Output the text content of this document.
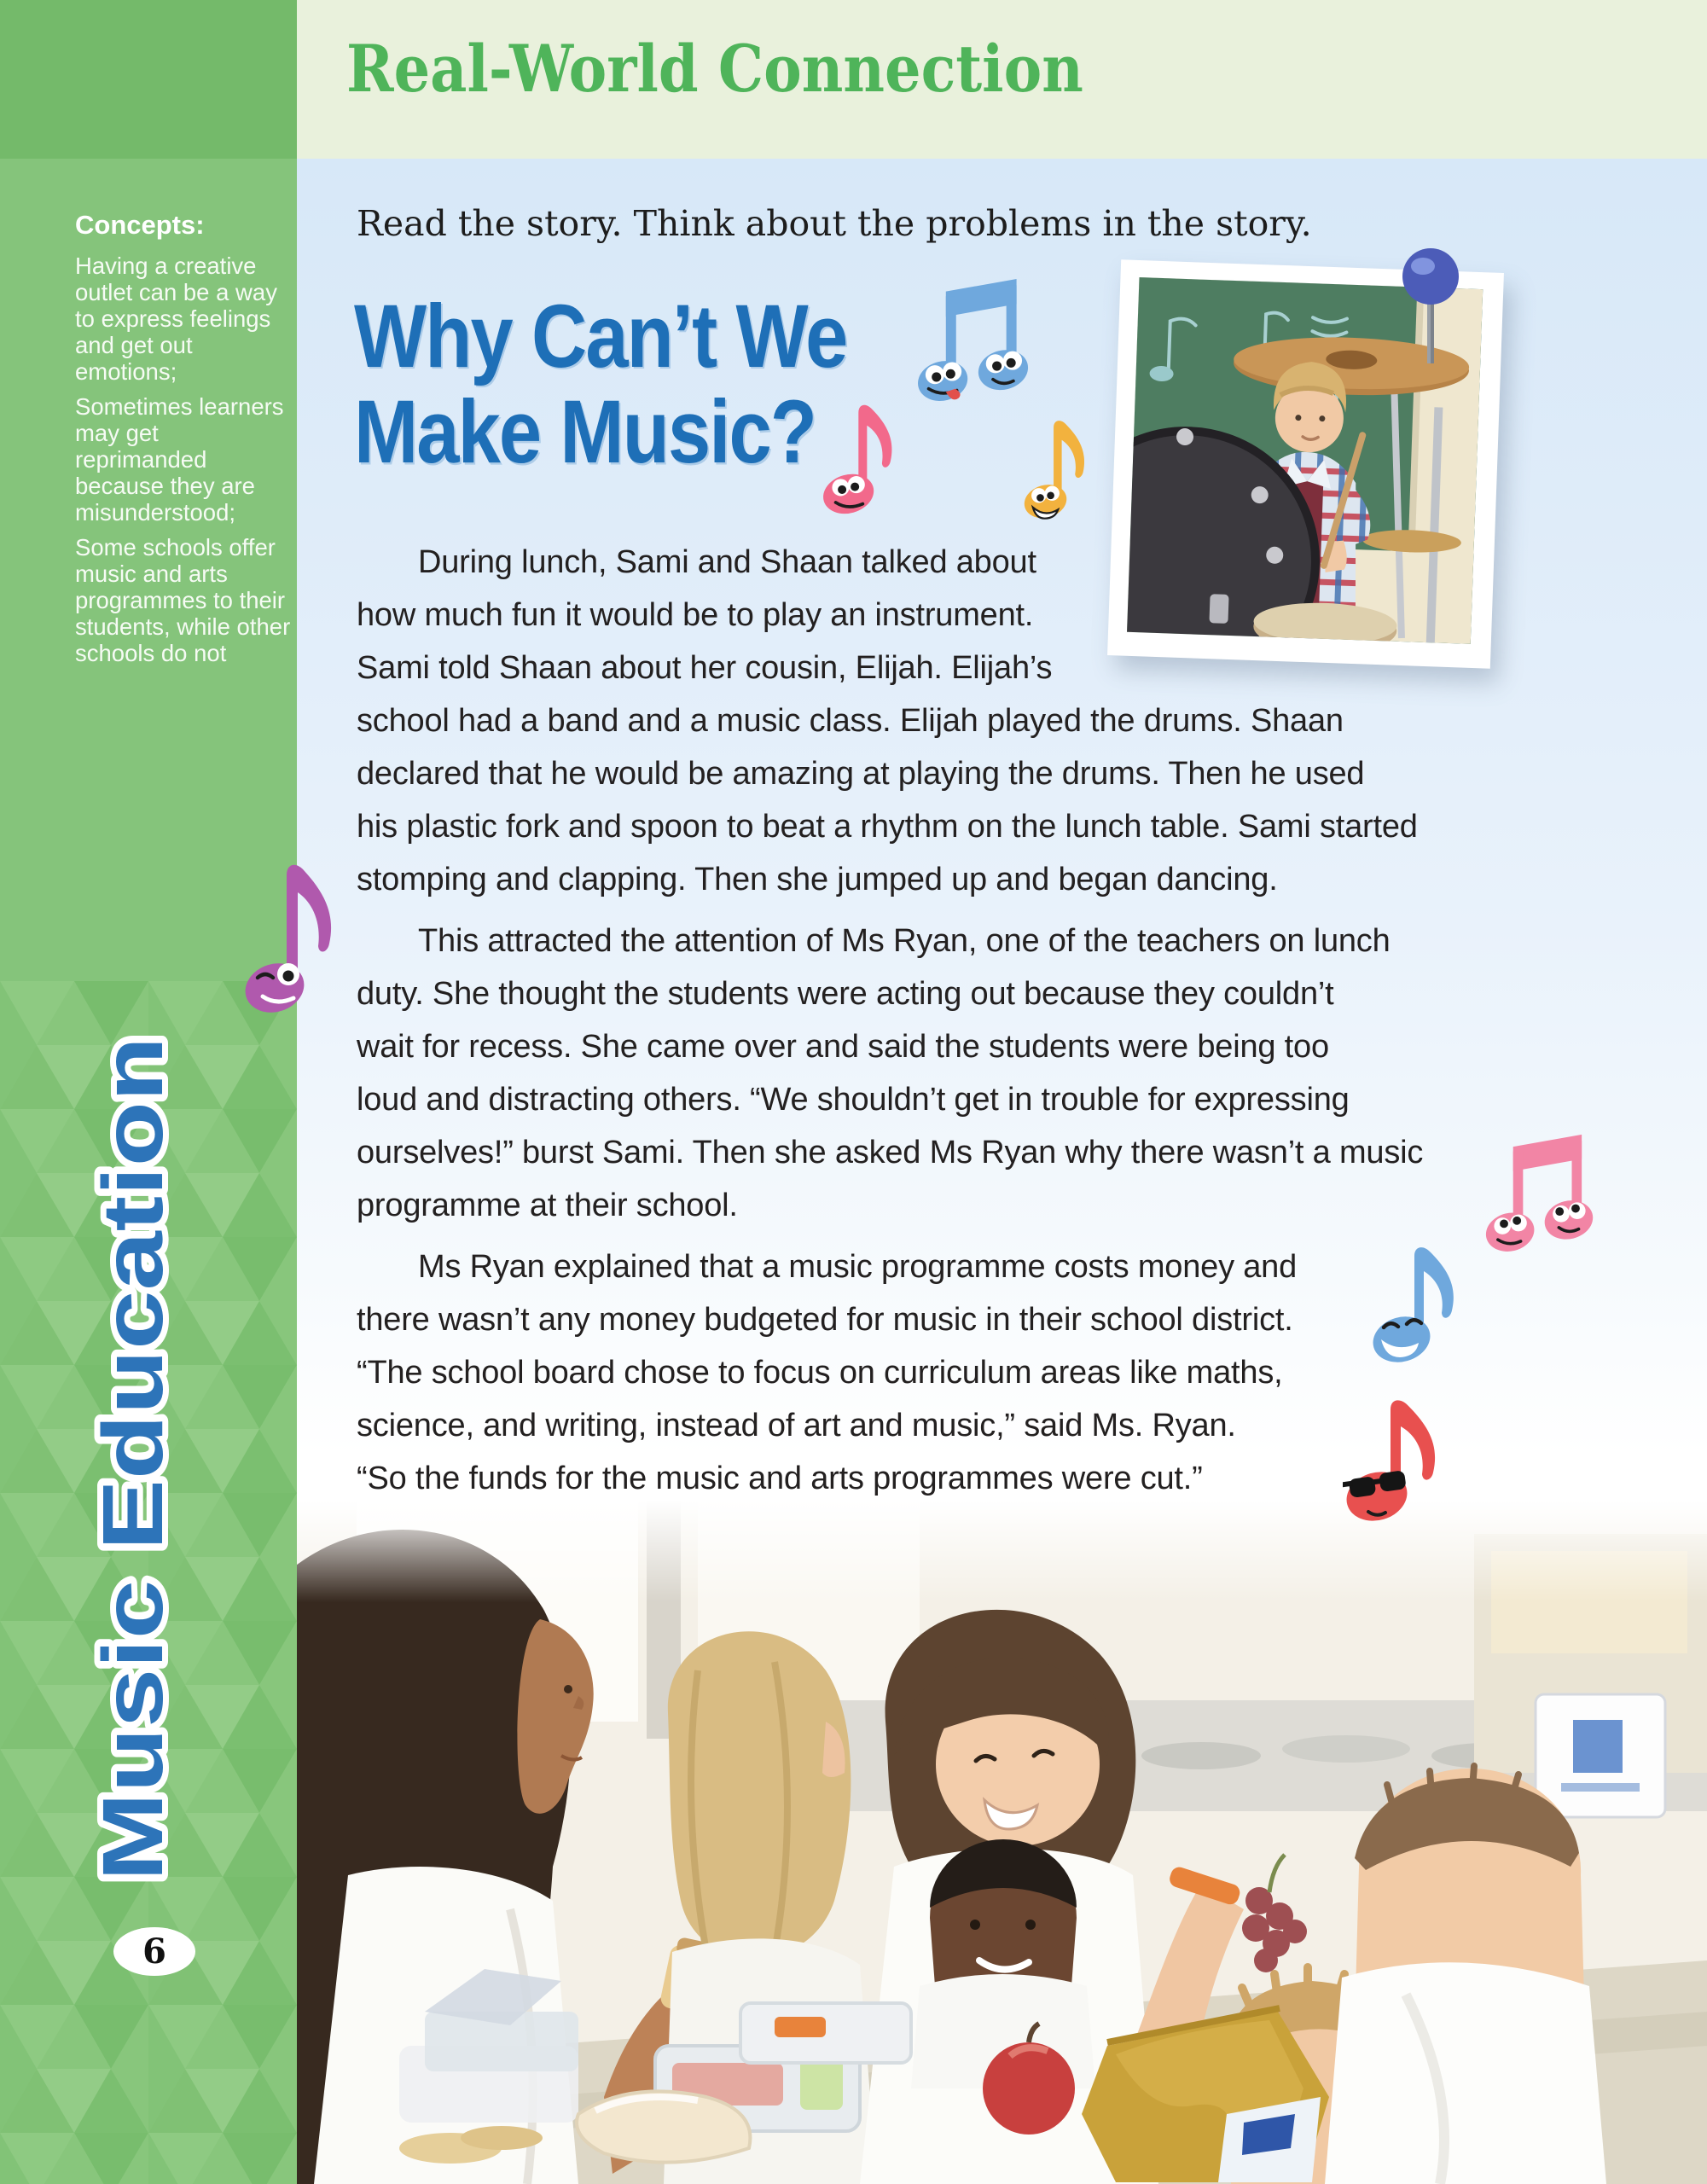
Concepts:

Having a creative outlet can be a way to express feelings and get out emotions;

Sometimes learners may get reprimanded because they are misunderstood;

Some schools offer music and arts programmes to their students, while other schools do not

Music Education
6
Real-World Connection
Read the story. Think about the problems in the story.
Why Can’t We
Make Music?
During lunch, Sami and Shaan talked about
how much fun it would be to play an instrument.
Sami told Shaan about her cousin, Elijah. Elijah’s
school had a band and a music class. Elijah played the drums. Shaan
declared that he would be amazing at playing the drums. Then he used
his plastic fork and spoon to beat a rhythm on the lunch table. Sami started
stomping and clapping. Then she jumped up and began dancing.
This attracted the attention of Ms Ryan, one of the teachers on lunch
duty. She thought the students were acting out because they couldn’t
wait for recess. She came over and said the students were being too
loud and distracting others. “We shouldn’t get in trouble for expressing
ourselves!” burst Sami. Then she asked Ms Ryan why there wasn’t a music
programme at their school.
Ms Ryan explained that a music programme costs money and
there wasn’t any money budgeted for music in their school district.
“The school board chose to focus on curriculum areas like maths,
science, and writing, instead of art and music,” said Ms. Ryan.
“So the funds for the music and arts programmes were cut.”
